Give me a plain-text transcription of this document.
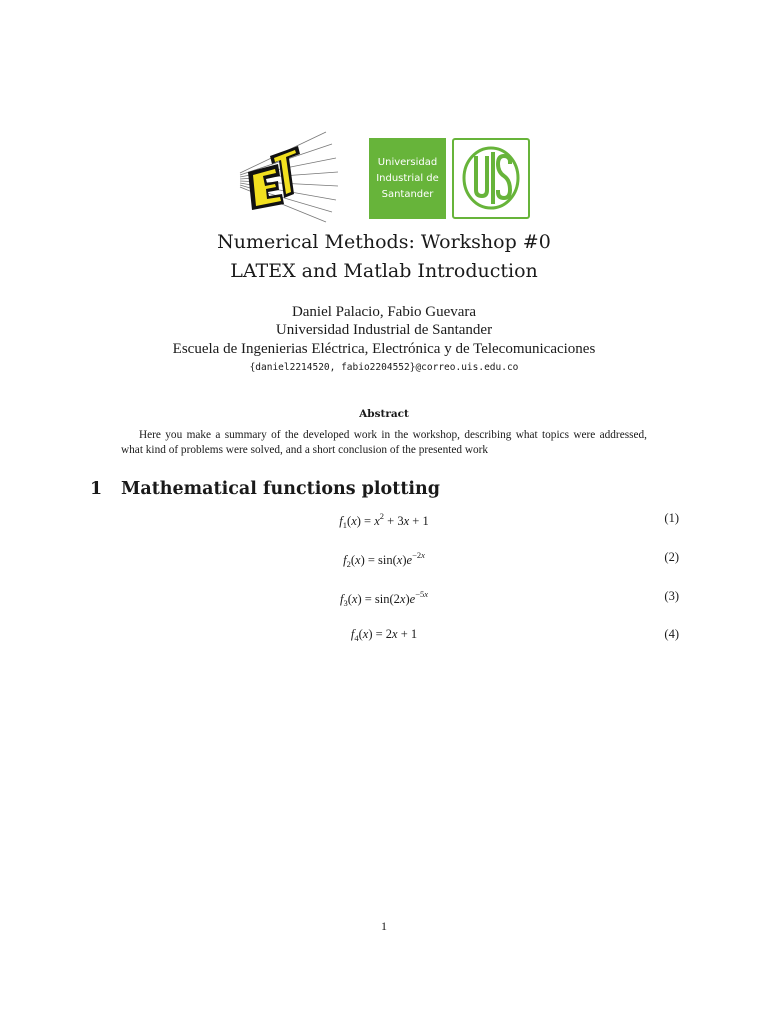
Universidad
Industrial de
Santander
Numerical Methods: Workshop #0
LATEX and Matlab Introduction
Daniel Palacio, Fabio Guevara
Universidad Industrial de Santander
Escuela de Ingenierias Eléctrica, Electrónica y de Telecomunicaciones
{daniel2214520, fabio2204552}@correo.uis.edu.co
Abstract
Here you make a summary of the developed work in the workshop, describing what topics were addressed, what kind of problems were solved, and a short conclusion of the presented work
1 Mathematical functions plotting
$f_1(x) = x^2 + 3x + 1$	(1)
$f_2(x) = \sin(x)e^{-2x}$	(2)
$f_3(x) = \sin(2x)e^{-5x}$	(3)
$f_4(x) = 2x + 1$	(4)
1
